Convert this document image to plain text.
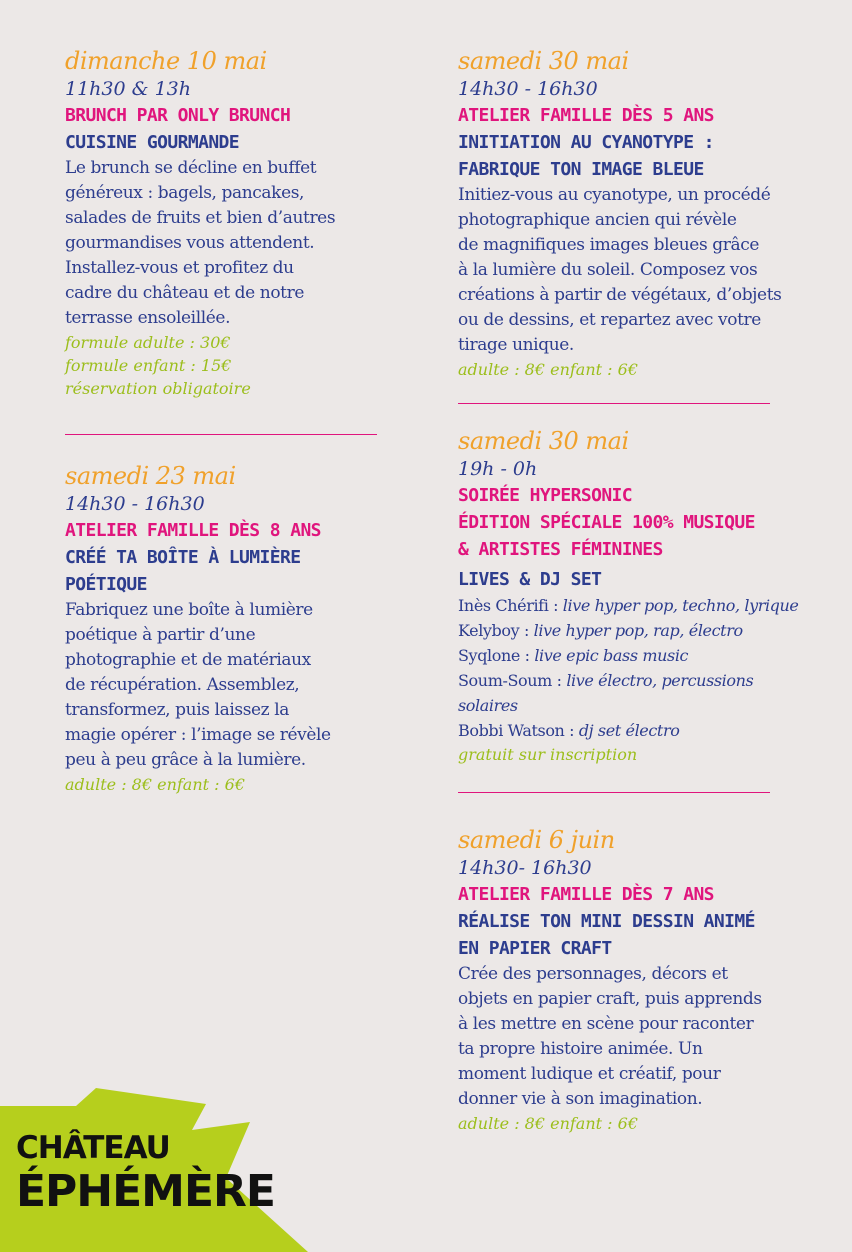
dimanche 10 mai
11h30 & 13h
BRUNCH PAR ONLY BRUNCH
CUISINE GOURMANDE
Le brunch se décline en buffet
généreux : bagels, pancakes,
salades de fruits et bien d’autres
gourmandises vous attendent.
Installez-vous et profitez du
cadre du château et de notre
terrasse ensoleillée.
formule adulte : 30€
formule enfant : 15€
réservation obligatoire
samedi 23 mai
14h30 - 16h30
ATELIER FAMILLE DÈS 8 ANS
CRÉÉ TA BOÎTE À LUMIÈRE
POÉTIQUE
Fabriquez une boîte à lumière
poétique à partir d’une
photographie et de matériaux
de récupération. Assemblez,
transformez, puis laissez la
magie opérer : l’image se révèle
peu à peu grâce à la lumière.
adulte : 8€ enfant : 6€
samedi 30 mai
14h30 - 16h30
ATELIER FAMILLE DÈS 5 ANS
INITIATION AU CYANOTYPE :
FABRIQUE TON IMAGE BLEUE
Initiez-vous au cyanotype, un procédé
photographique ancien qui révèle
de magnifiques images bleues grâce
à la lumière du soleil. Composez vos
créations à partir de végétaux, d’objets
ou de dessins, et repartez avec votre
tirage unique.
adulte : 8€ enfant : 6€
samedi 30 mai
19h - 0h
SOIRÉE HYPERSONIC
ÉDITION SPÉCIALE 100% MUSIQUE
& ARTISTES FÉMININES
LIVES & DJ SET
Inès Chérifi : live hyper pop, techno, lyrique
Kelyboy : live hyper pop, rap, électro
Syqlone : live epic bass music
Soum-Soum : live électro, percussions
solaires
Bobbi Watson : dj set électro
gratuit sur inscription
samedi 6 juin
14h30- 16h30
ATELIER FAMILLE DÈS 7 ANS
RÉALISE TON MINI DESSIN ANIMÉ
EN PAPIER CRAFT
Crée des personnages, décors et
objets en papier craft, puis apprends
à les mettre en scène pour raconter
ta propre histoire animée. Un
moment ludique et créatif, pour
donner vie à son imagination.
adulte : 8€ enfant : 6€
CHÂTEAU
ÉPHÉMÈRE
